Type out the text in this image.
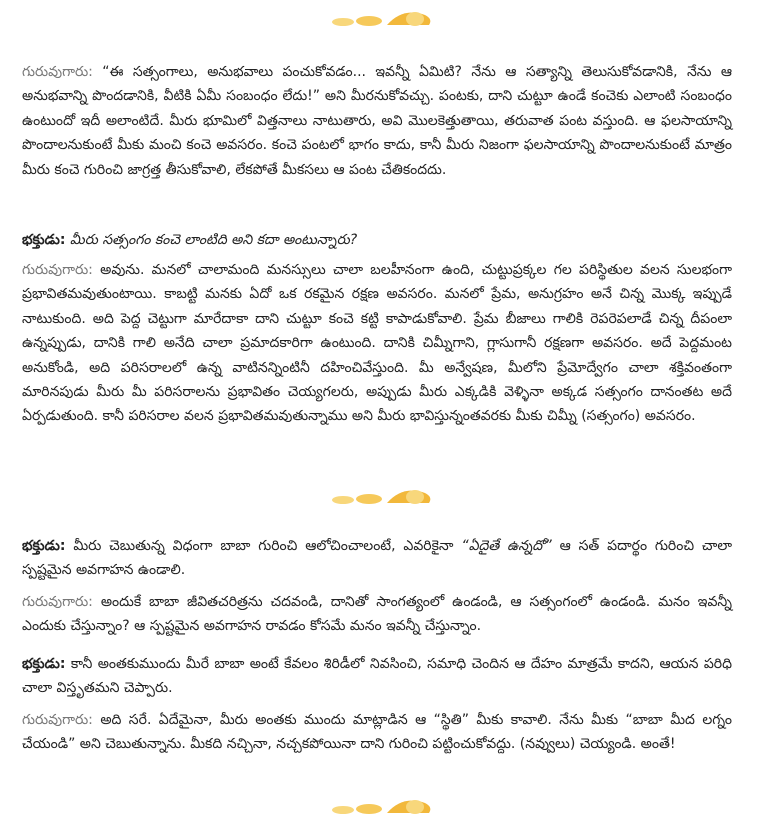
గురువుగారు: “ఈ సత్సంగాలు, అనుభవాలు పంచుకోవడం... ఇవన్నీ ఏమిటి? నేను ఆ సత్యాన్ని తెలుసుకోవడానికి, నేను ఆ అనుభవాన్ని పొందడానికి, వీటికి ఏమీ సంబంధం లేదు!” అని మీరనుకోవచ్చు. పంటకు, దాని చుట్టూ ఉండే కంచెకు ఎలాంటి సంబంధం ఉంటుందో ఇదీ అలాంటిదే. మీరు భూమిలో విత్తనాలు నాటుతారు, అవి మొలకెత్తుతాయి, తరువాత పంట వస్తుంది. ఆ ఫలసాయాన్ని పొందాలనుకుంటే మీకు మంచి కంచె అవసరం. కంచె పంటలో భాగం కాదు, కానీ మీరు నిజంగా ఫలసాయాన్ని పొందాలనుకుంటే మాత్రం మీరు కంచె గురించి జాగ్రత్త తీసుకోవాలి, లేకపోతే మీకసలు ఆ పంట చేతికందదు.

భక్తుడు: మీరు సత్సంగం కంచె లాంటిది అని కదా అంటున్నారు?

గురువుగారు: అవును. మనలో చాలామంది మనస్సులు చాలా బలహీనంగా ఉంది, చుట్టుప్రక్కల గల పరిస్థితుల వలన సులభంగా ప్రభావితమవుతుంటాయి. కాబట్టి మనకు ఏదో ఒక రకమైన రక్షణ అవసరం. మనలో ప్రేమ, అనుగ్రహం అనే చిన్న మొక్క ఇప్పుడే నాటుకుంది. అది పెద్ద చెట్టుగా మారేదాకా దాని చుట్టూ కంచె కట్టి కాపాడుకోవాలి. ప్రేమ బీజాలు గాలికి రెపరెపలాడే చిన్న దీపంలా ఉన్నప్పుడు, దానికి గాలి అనేది చాలా ప్రమాదకారిగా ఉంటుంది. దానికి చిమ్నీగాని, గ్లాసుగానీ రక్షణగా అవసరం. అదే పెద్దమంట అనుకోండి, అది పరిసరాలలో ఉన్న వాటినన్నింటినీ దహించివేస్తుంది. మీ అన్వేషణ, మీలోని ప్రేమోద్వేగం చాలా శక్తివంతంగా మారినపుడు మీరు మీ పరిసరాలను ప్రభావితం చెయ్యగలరు, అప్పుడు మీరు ఎక్కడికి వెళ్ళినా అక్కడ సత్సంగం దానంతట అదే ఏర్పడుతుంది. కానీ పరిసరాల వలన ప్రభావితమవుతున్నాము అని మీరు భావిస్తున్నంతవరకు మీకు చిమ్నీ (సత్సంగం) అవసరం.

భక్తుడు: మీరు చెబుతున్న విధంగా బాబా గురించి ఆలోచించాలంటే, ఎవరికైనా “ఏదైతే ఉన్నదో” ఆ సత్ పదార్థం గురించి చాలా స్పష్టమైన అవగాహన ఉండాలి.

గురువుగారు: అందుకే బాబా జీవితచరిత్రను చదవండి, దానితో సాంగత్యంలో ఉండండి, ఆ సత్సంగంలో ఉండండి. మనం ఇవన్నీ ఎందుకు చేస్తున్నాం? ఆ స్పష్టమైన అవగాహన రావడం కోసమే మనం ఇవన్నీ చేస్తున్నాం.

భక్తుడు: కానీ అంతకుముందు మీరే బాబా అంటే కేవలం శిరిడీలో నివసించి, సమాధి చెందిన ఆ దేహం మాత్రమే కాదని, ఆయన పరిధి చాలా విస్తృతమని చెప్పారు.

గురువుగారు: అది సరే. ఏదేమైనా, మీరు అంతకు ముందు మాట్లాడిన ఆ “స్థితి” మీకు కావాలి. నేను మీకు “బాబా మీద లగ్నం చేయండి” అని చెబుతున్నాను. మీకది నచ్చినా, నచ్చకపోయినా దాని గురించి పట్టించుకోవద్దు. (నవ్వులు) చెయ్యండి. అంతే!
